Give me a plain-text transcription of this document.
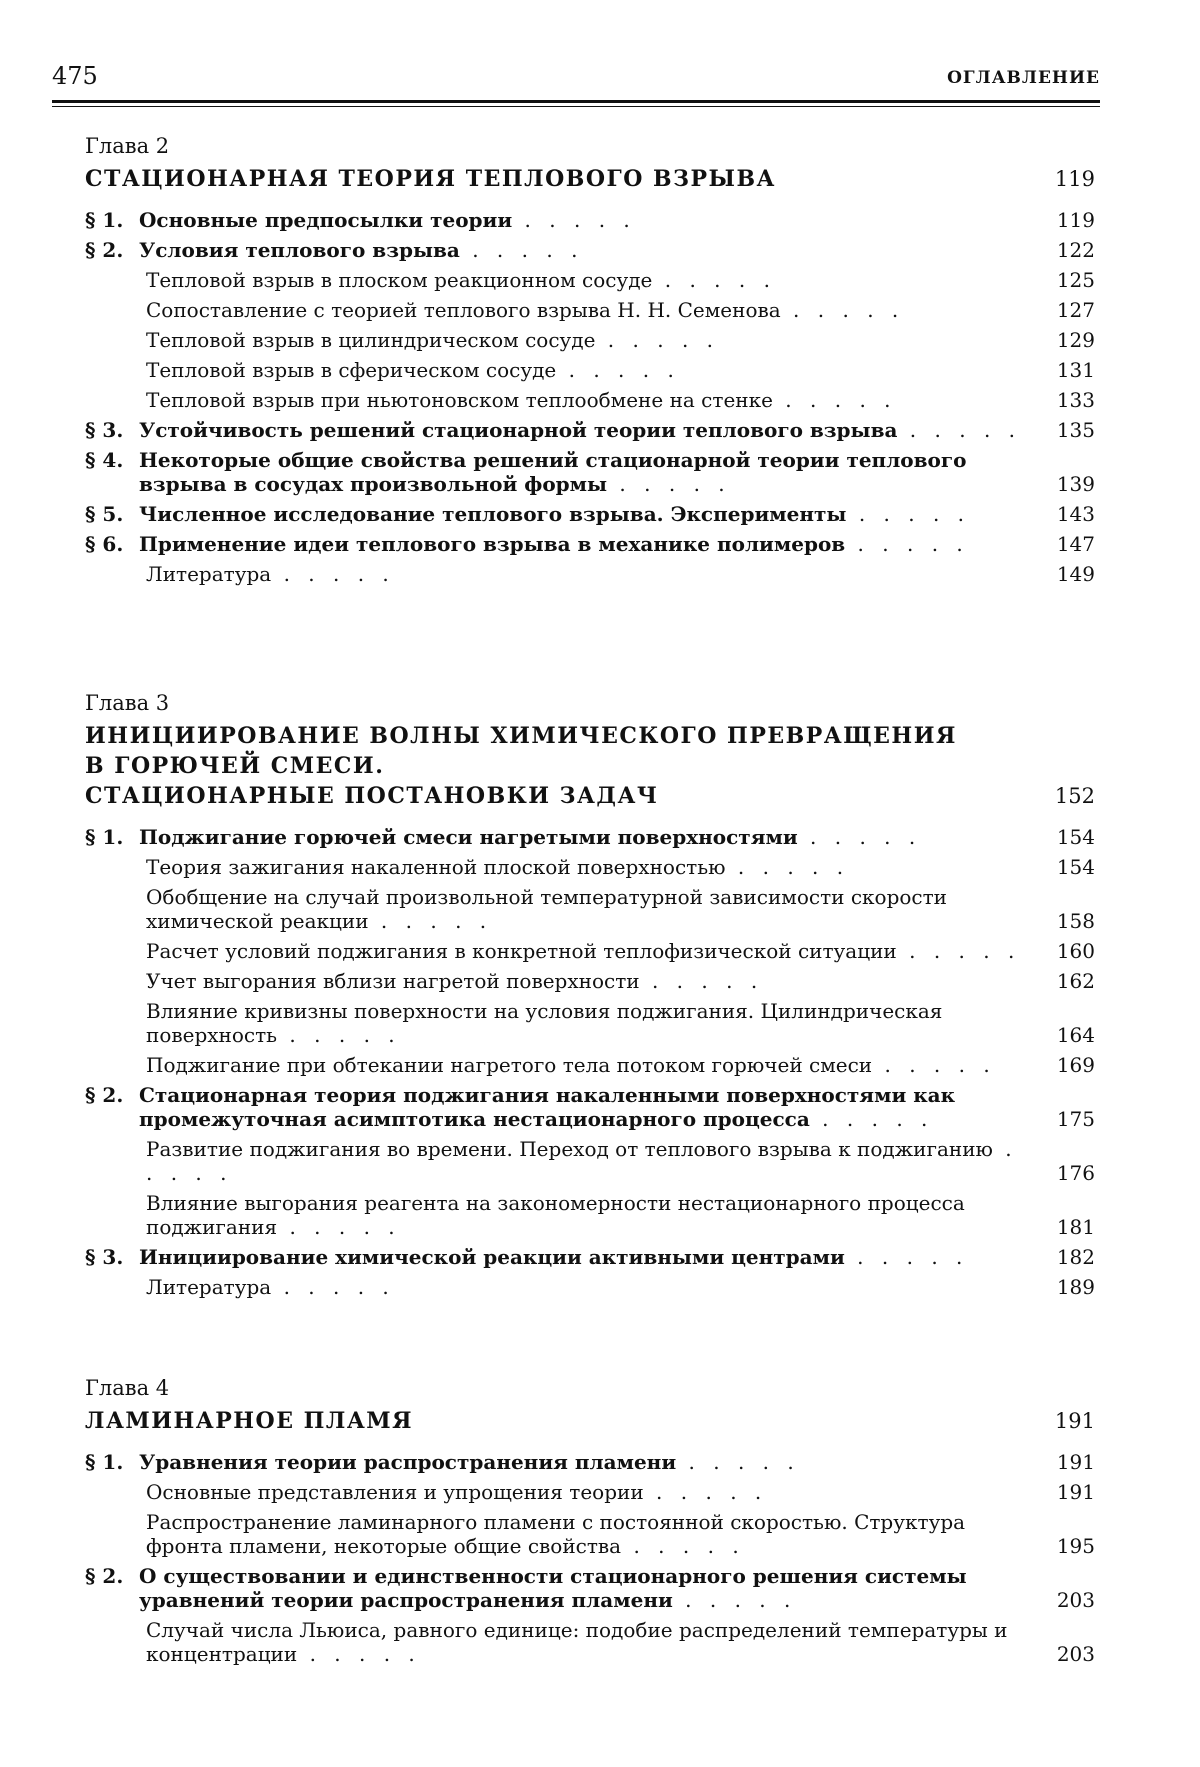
475	ОГЛАВЛЕНИЕ
Глава 2
СТАЦИОНАРНАЯ ТЕОРИЯ ТЕПЛОВОГО ВЗРЫВА	119
§ 1. Основные предпосылки теории . . . . .	119
§ 2. Условия теплового взрыва . . . . .	122
Тепловой взрыв в плоском реакционном сосуде . . . . .	125
Сопоставление с теорией теплового взрыва Н. Н. Семенова . . . . .	127
Тепловой взрыв в цилиндрическом сосуде . . . . .	129
Тепловой взрыв в сферическом сосуде . . . . .	131
Тепловой взрыв при ньютоновском теплообмене на стенке . . . . .	133
§ 3. Устойчивость решений стационарной теории теплового взрыва . . . . .	135
§ 4. Некоторые общие свойства решений стационарной теории теплового взрыва в сосудах произвольной формы . . . . .	139
§ 5. Численное исследование теплового взрыва. Эксперименты . . . . .	143
§ 6. Применение идеи теплового взрыва в механике полимеров . . . . .	147
Литература . . . . .	149
Глава 3
ИНИЦИИРОВАНИЕ ВОЛНЫ ХИМИЧЕСКОГО ПРЕВРАЩЕНИЯ
В ГОРЮЧЕЙ СМЕСИ.
СТАЦИОНАРНЫЕ ПОСТАНОВКИ ЗАДАЧ	152
§ 1. Поджигание горючей смеси нагретыми поверхностями . . . . .	154
Теория зажигания накаленной плоской поверхностью . . . . .	154
Обобщение на случай произвольной температурной зависимости скорости химической реакции . . . . .	158
Расчет условий поджигания в конкретной теплофизической ситуации . . . . .	160
Учет выгорания вблизи нагретой поверхности . . . . .	162
Влияние кривизны поверхности на условия поджигания. Цилиндрическая поверхность . . . . .	164
Поджигание при обтекании нагретого тела потоком горючей смеси . . . . .	169
§ 2. Стационарная теория поджигания накаленными поверхностями как промежуточная асимптотика нестационарного процесса . . . . .	175
Развитие поджигания во времени. Переход от теплового взрыва к поджиганию . . . . .	176
Влияние выгорания реагента на закономерности нестационарного процесса поджигания . . . . .	181
§ 3. Инициирование химической реакции активными центрами . . . . .	182
Литература . . . . .	189
Глава 4
ЛАМИНАРНОЕ ПЛАМЯ	191
§ 1. Уравнения теории распространения пламени . . . . .	191
Основные представления и упрощения теории . . . . .	191
Распространение ламинарного пламени с постоянной скоростью. Структура фронта пламени, некоторые общие свойства . . . . .	195
§ 2. О существовании и единственности стационарного решения системы уравнений теории распространения пламени . . . . .	203
Случай числа Льюиса, равного единице: подобие распределений температуры и концентрации . . . . .	203
